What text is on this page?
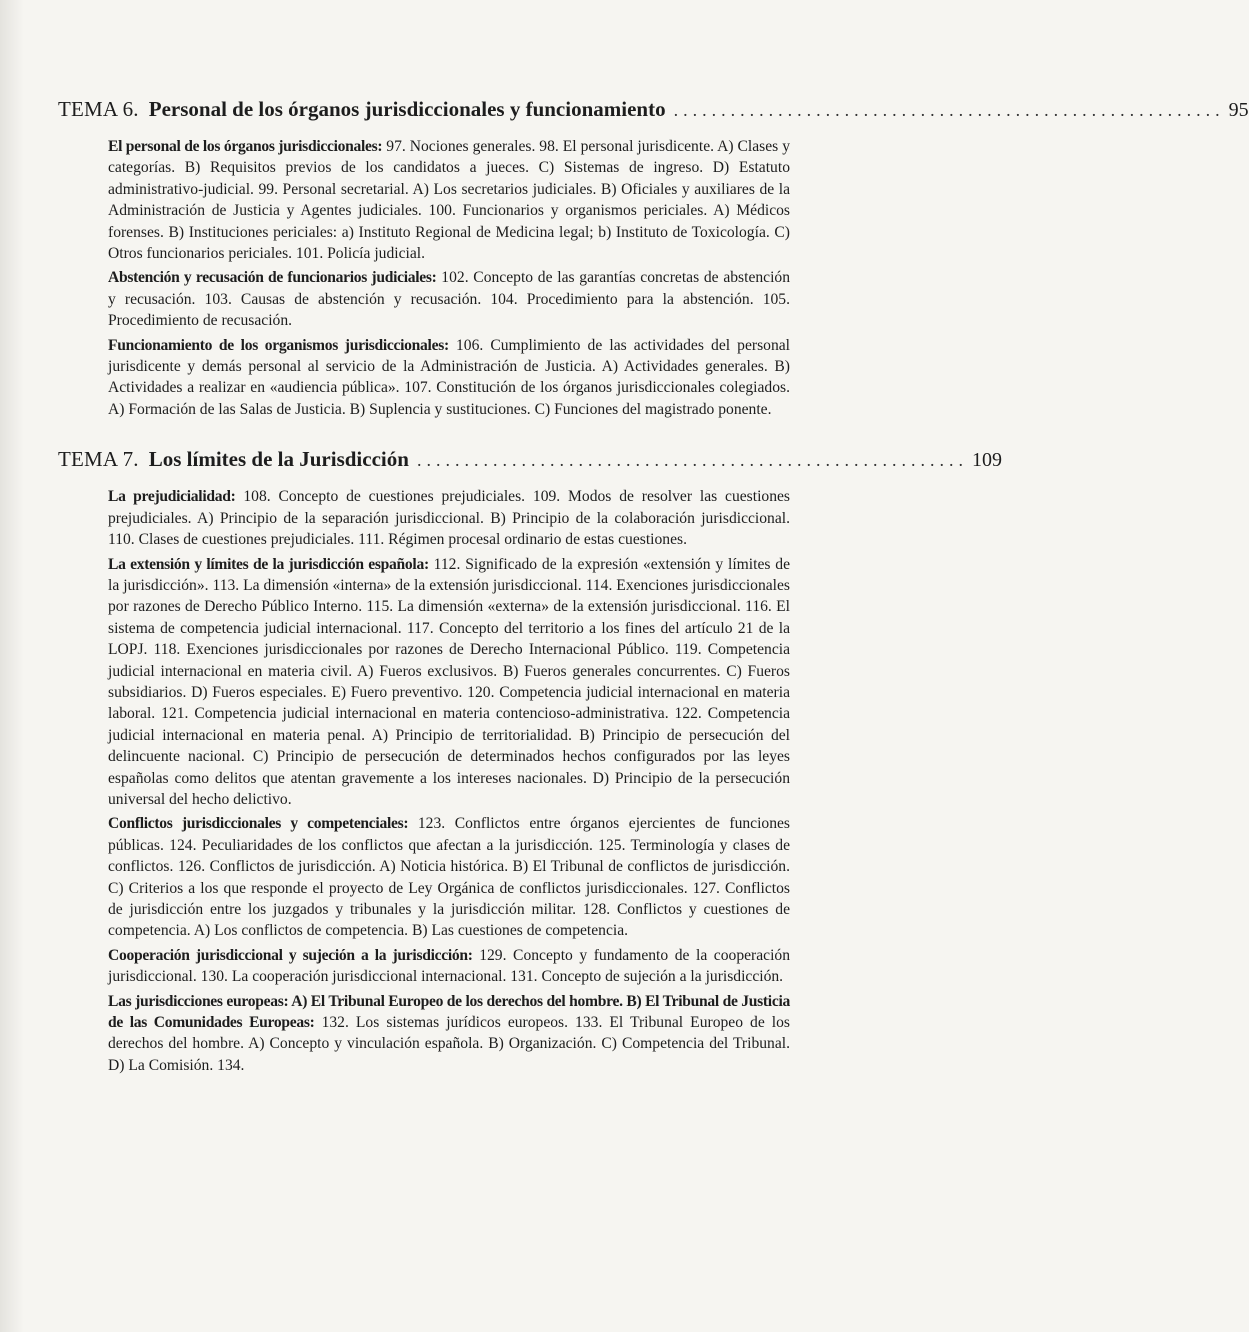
TEMA 6. Personal de los órganos jurisdiccionales y funcionamiento .......................................................... 95

El personal de los órganos jurisdiccionales: 97. Nociones generales. 98. El personal jurisdicente. A) Clases y categorías. B) Requisitos previos de los candidatos a jueces. C) Sistemas de ingreso. D) Estatuto administrativo-judicial. 99. Personal secretarial. A) Los secretarios judiciales. B) Oficiales y auxiliares de la Administración de Justicia y Agentes judiciales. 100. Funcionarios y organismos periciales. A) Médicos forenses. B) Instituciones periciales: a) Instituto Regional de Medicina legal; b) Instituto de Toxicología. C) Otros funcionarios periciales. 101. Policía judicial.

Abstención y recusación de funcionarios judiciales: 102. Concepto de las garantías concretas de abstención y recusación. 103. Causas de abstención y recusación. 104. Procedimiento para la abstención. 105. Procedimiento de recusación.

Funcionamiento de los organismos jurisdiccionales: 106. Cumplimiento de las actividades del personal jurisdicente y demás personal al servicio de la Administración de Justicia. A) Actividades generales. B) Actividades a realizar en «audiencia pública». 107. Constitución de los órganos jurisdiccionales colegiados. A) Formación de las Salas de Justicia. B) Suplencia y sustituciones. C) Funciones del magistrado ponente.

TEMA 7. Los límites de la Jurisdicción .......................................................... 109

La prejudicialidad: 108. Concepto de cuestiones prejudiciales. 109. Modos de resolver las cuestiones prejudiciales. A) Principio de la separación jurisdiccional. B) Principio de la colaboración jurisdiccional. 110. Clases de cuestiones prejudiciales. 111. Régimen procesal ordinario de estas cuestiones.

La extensión y límites de la jurisdicción española: 112. Significado de la expresión «extensión y límites de la jurisdicción». 113. La dimensión «interna» de la extensión jurisdiccional. 114. Exenciones jurisdiccionales por razones de Derecho Público Interno. 115. La dimensión «externa» de la extensión jurisdiccional. 116. El sistema de competencia judicial internacional. 117. Concepto del territorio a los fines del artículo 21 de la LOPJ. 118. Exenciones jurisdiccionales por razones de Derecho Internacional Público. 119. Competencia judicial internacional en materia civil. A) Fueros exclusivos. B) Fueros generales concurrentes. C) Fueros subsidiarios. D) Fueros especiales. E) Fuero preventivo. 120. Competencia judicial internacional en materia laboral. 121. Competencia judicial internacional en materia contencioso-administrativa. 122. Competencia judicial internacional en materia penal. A) Principio de territorialidad. B) Principio de persecución del delincuente nacional. C) Principio de persecución de determinados hechos configurados por las leyes españolas como delitos que atentan gravemente a los intereses nacionales. D) Principio de la persecución universal del hecho delictivo.

Conflictos jurisdiccionales y competenciales: 123. Conflictos entre órganos ejercientes de funciones públicas. 124. Peculiaridades de los conflictos que afectan a la jurisdicción. 125. Terminología y clases de conflictos. 126. Conflictos de jurisdicción. A) Noticia histórica. B) El Tribunal de conflictos de jurisdicción. C) Criterios a los que responde el proyecto de Ley Orgánica de conflictos jurisdiccionales. 127. Conflictos de jurisdicción entre los juzgados y tribunales y la jurisdicción militar. 128. Conflictos y cuestiones de competencia. A) Los conflictos de competencia. B) Las cuestiones de competencia.

Cooperación jurisdiccional y sujeción a la jurisdicción: 129. Concepto y fundamento de la cooperación jurisdiccional. 130. La cooperación jurisdiccional internacional. 131. Concepto de sujeción a la jurisdicción.

Las jurisdicciones europeas: A) El Tribunal Europeo de los derechos del hombre. B) El Tribunal de Justicia de las Comunidades Europeas: 132. Los sistemas jurídicos europeos. 133. El Tribunal Europeo de los derechos del hombre. A) Concepto y vinculación española. B) Organización. C) Competencia del Tribunal. D) La Comisión. 134.
